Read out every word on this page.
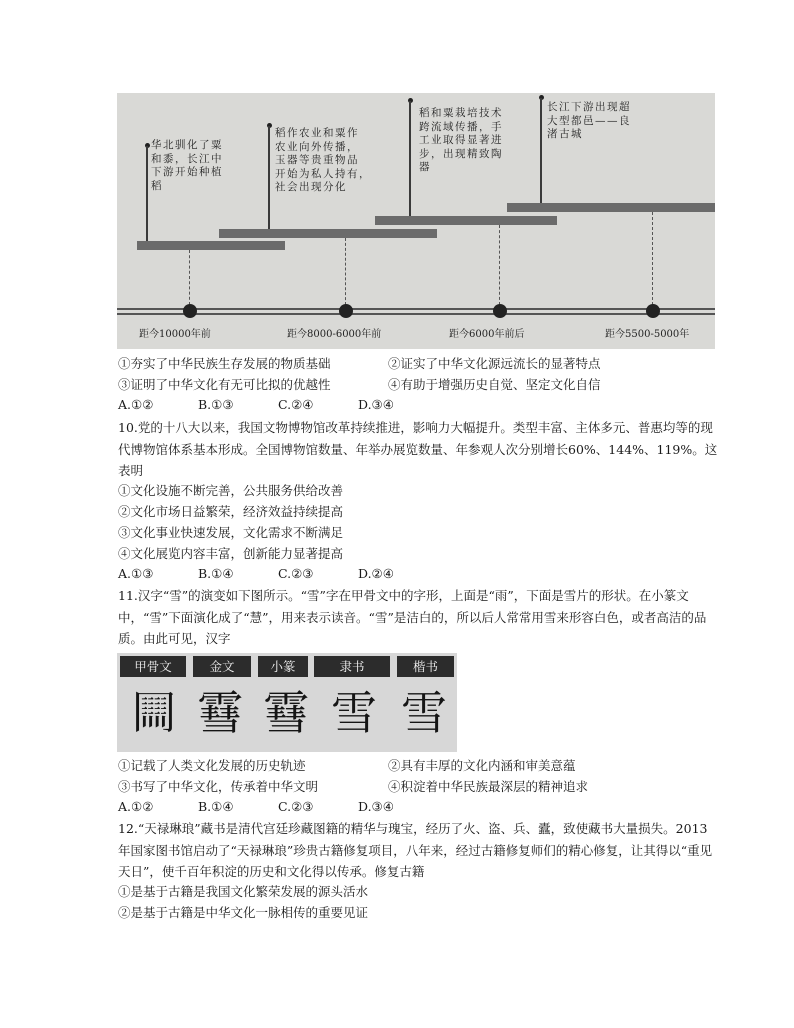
华北驯化了粟
和黍，长江中
下游开始种植
稻
稻作农业和粟作
农业向外传播，
玉器等贵重物品
开始为私人持有，
社会出现分化
稻和粟栽培技术
跨流域传播，手
工业取得显著进
步，出现精致陶
器
长江下游出现超
大型都邑——良
渚古城
距今10000年前	距今8000-6000年前	距今6000年前后	距今5500-5000年
①夯实了中华民族生存发展的物质基础	②证实了中华文化源远流长的显著特点
③证明了中华文化有无可比拟的优越性	④有助于增强历史自觉、坚定文化自信
A.①②	B.①③	C.②④	D.③④
10.党的十八大以来，我国文物博物馆改革持续推进，影响力大幅提升。类型丰富、主体多元、普惠均等的现代博物馆体系基本形成。全国博物馆数量、年举办展览数量、年参观人次分别增长60%、144%、119%。这表明
①文化设施不断完善，公共服务供给改善
②文化市场日益繁荣，经济效益持续提高
③文化事业快速发展，文化需求不断满足
④文化展览内容丰富，创新能力显著提高
A.①③	B.①④	C.②③	D.②④
11.汉字“雪”的演变如下图所示。“雪”字在甲骨文中的字形，上面是“雨”，下面是雪片的形状。在小篆文中，“雪”下面演化成了“慧”，用来表示读音。“雪”是洁白的，所以后人常常用雪来形容白色，或者高洁的品质。由此可见，汉字
甲骨文	金文	小篆	隶书	楷书
𠕲 䨮 䨮 雪 雪
①记载了人类文化发展的历史轨迹	②具有丰厚的文化内涵和审美意蕴
③书写了中华文化，传承着中华文明	④积淀着中华民族最深层的精神追求
A.①②	B.①④	C.②③	D.③④
12.“天禄琳琅”藏书是清代宫廷珍藏图籍的精华与瑰宝，经历了火、盗、兵、蠹，致使藏书大量损失。2013年国家图书馆启动了“天禄琳琅”珍贵古籍修复项目，八年来，经过古籍修复师们的精心修复，让其得以“重见天日”，使千百年积淀的历史和文化得以传承。修复古籍
①是基于古籍是我国文化繁荣发展的源头活水
②是基于古籍是中华文化一脉相传的重要见证
